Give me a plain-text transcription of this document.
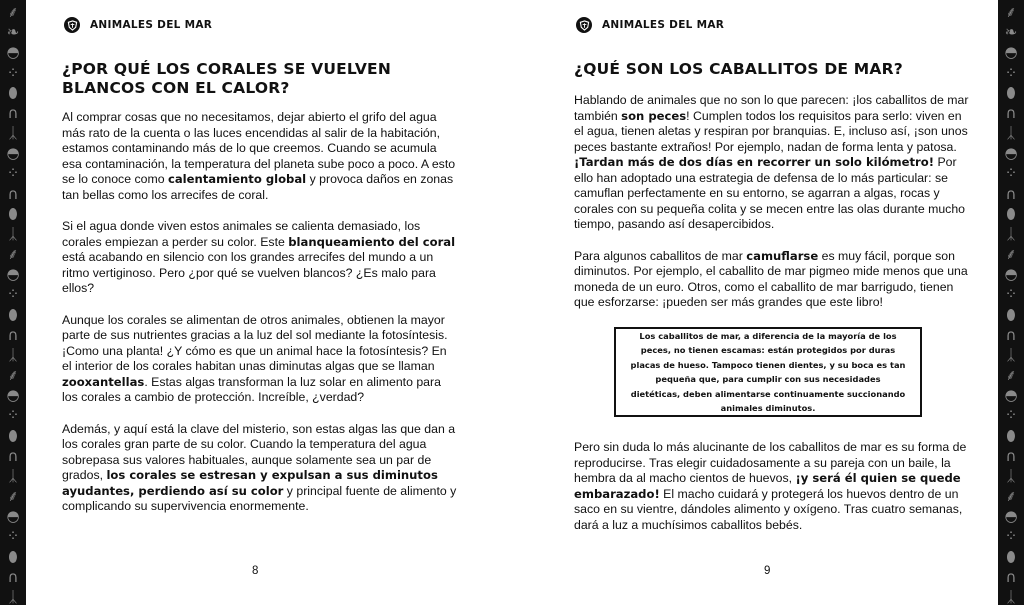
⸙
❧
◓
⁘
⬮
∩
ᛣ
◓
⁘
∩
⬮
ᛣ
⸙
◓
⁘
⬮
∩
ᛣ
⸙
◓
⁘
⬮
∩
ᛣ
⸙
◓
⁘
⬮
∩
ᛣ
⸙
❧
◓
⁘
⬮
∩
ᛣ
◓
⁘
∩
⬮
ᛣ
⸙
◓
⁘
⬮
∩
ᛣ
⸙
◓
⁘
⬮
∩
ᛣ
⸙
◓
⁘
⬮
∩
ᛣ
ANIMALES DEL MAR
¿POR QUÉ LOS CORALES SE VUELVEN BLANCOS CON EL CALOR?

Al comprar cosas que no necesitamos, dejar abierto el grifo del agua más rato de la cuenta o las luces encendidas al salir de la habitación, estamos contaminando más de lo que creemos. Cuando se acumula esa contaminación, la temperatura del planeta sube poco a poco. A esto se lo conoce como calentamiento global y provoca daños en zonas tan bellas como los arrecifes de coral.

Si el agua donde viven estos animales se calienta demasiado, los corales empiezan a perder su color. Este blanqueamiento del coral está acabando en silencio con los grandes arrecifes del mundo a un ritmo vertiginoso. Pero ¿por qué se vuelven blancos? ¿Es malo para ellos?

Aunque los corales se alimentan de otros animales, obtienen la mayor parte de sus nutrientes gracias a la luz del sol mediante la fotosíntesis. ¡Como una planta! ¿Y cómo es que un animal hace la fotosíntesis? En el interior de los corales habitan unas diminutas algas que se llaman zooxantellas. Estas algas transforman la luz solar en alimento para los corales a cambio de protección. Increíble, ¿verdad?

Además, y aquí está la clave del misterio, son estas algas las que dan a los corales gran parte de su color. Cuando la temperatura del agua sobrepasa sus valores habituales, aunque solamente sea un par de grados, los corales se estresan y expulsan a sus diminutos ayudantes, perdiendo así su color y principal fuente de alimento y complicando su supervivencia enormemente.

8
ANIMALES DEL MAR
¿QUÉ SON LOS CABALLITOS DE MAR?

Hablando de animales que no son lo que parecen: ¡los caballitos de mar también son peces! Cumplen todos los requisitos para serlo: viven en el agua, tienen aletas y respiran por branquias. E, incluso así, ¡son unos peces bastante extraños! Por ejemplo, nadan de forma lenta y patosa. ¡Tardan más de dos días en recorrer un solo kilómetro! Por ello han adoptado una estrategia de defensa de lo más particular: se camuflan perfectamente en su entorno, se agarran a algas, rocas y corales con su pequeña colita y se mecen entre las olas durante mucho tiempo, pasando así desapercibidos.

Para algunos caballitos de mar camuflarse es muy fácil, porque son diminutos. Por ejemplo, el caballito de mar pigmeo mide menos que una moneda de un euro. Otros, como el caballito de mar barrigudo, tienen que esforzarse: ¡pueden ser más grandes que este libro!

Los caballitos de mar, a diferencia de la mayoría de los peces, no tienen escamas: están protegidos por duras placas de hueso. Tampoco tienen dientes, y su boca es tan pequeña que, para cumplir con sus necesidades dietéticas, deben alimentarse continuamente succionando animales diminutos.

Pero sin duda lo más alucinante de los caballitos de mar es su forma de reproducirse. Tras elegir cuidadosamente a su pareja con un baile, la hembra da al macho cientos de huevos, ¡y será él quien se quede embarazado! El macho cuidará y protegerá los huevos dentro de un saco en su vientre, dándoles alimento y oxígeno. Tras cuatro semanas, dará a luz a muchísimos caballitos bebés.

9
